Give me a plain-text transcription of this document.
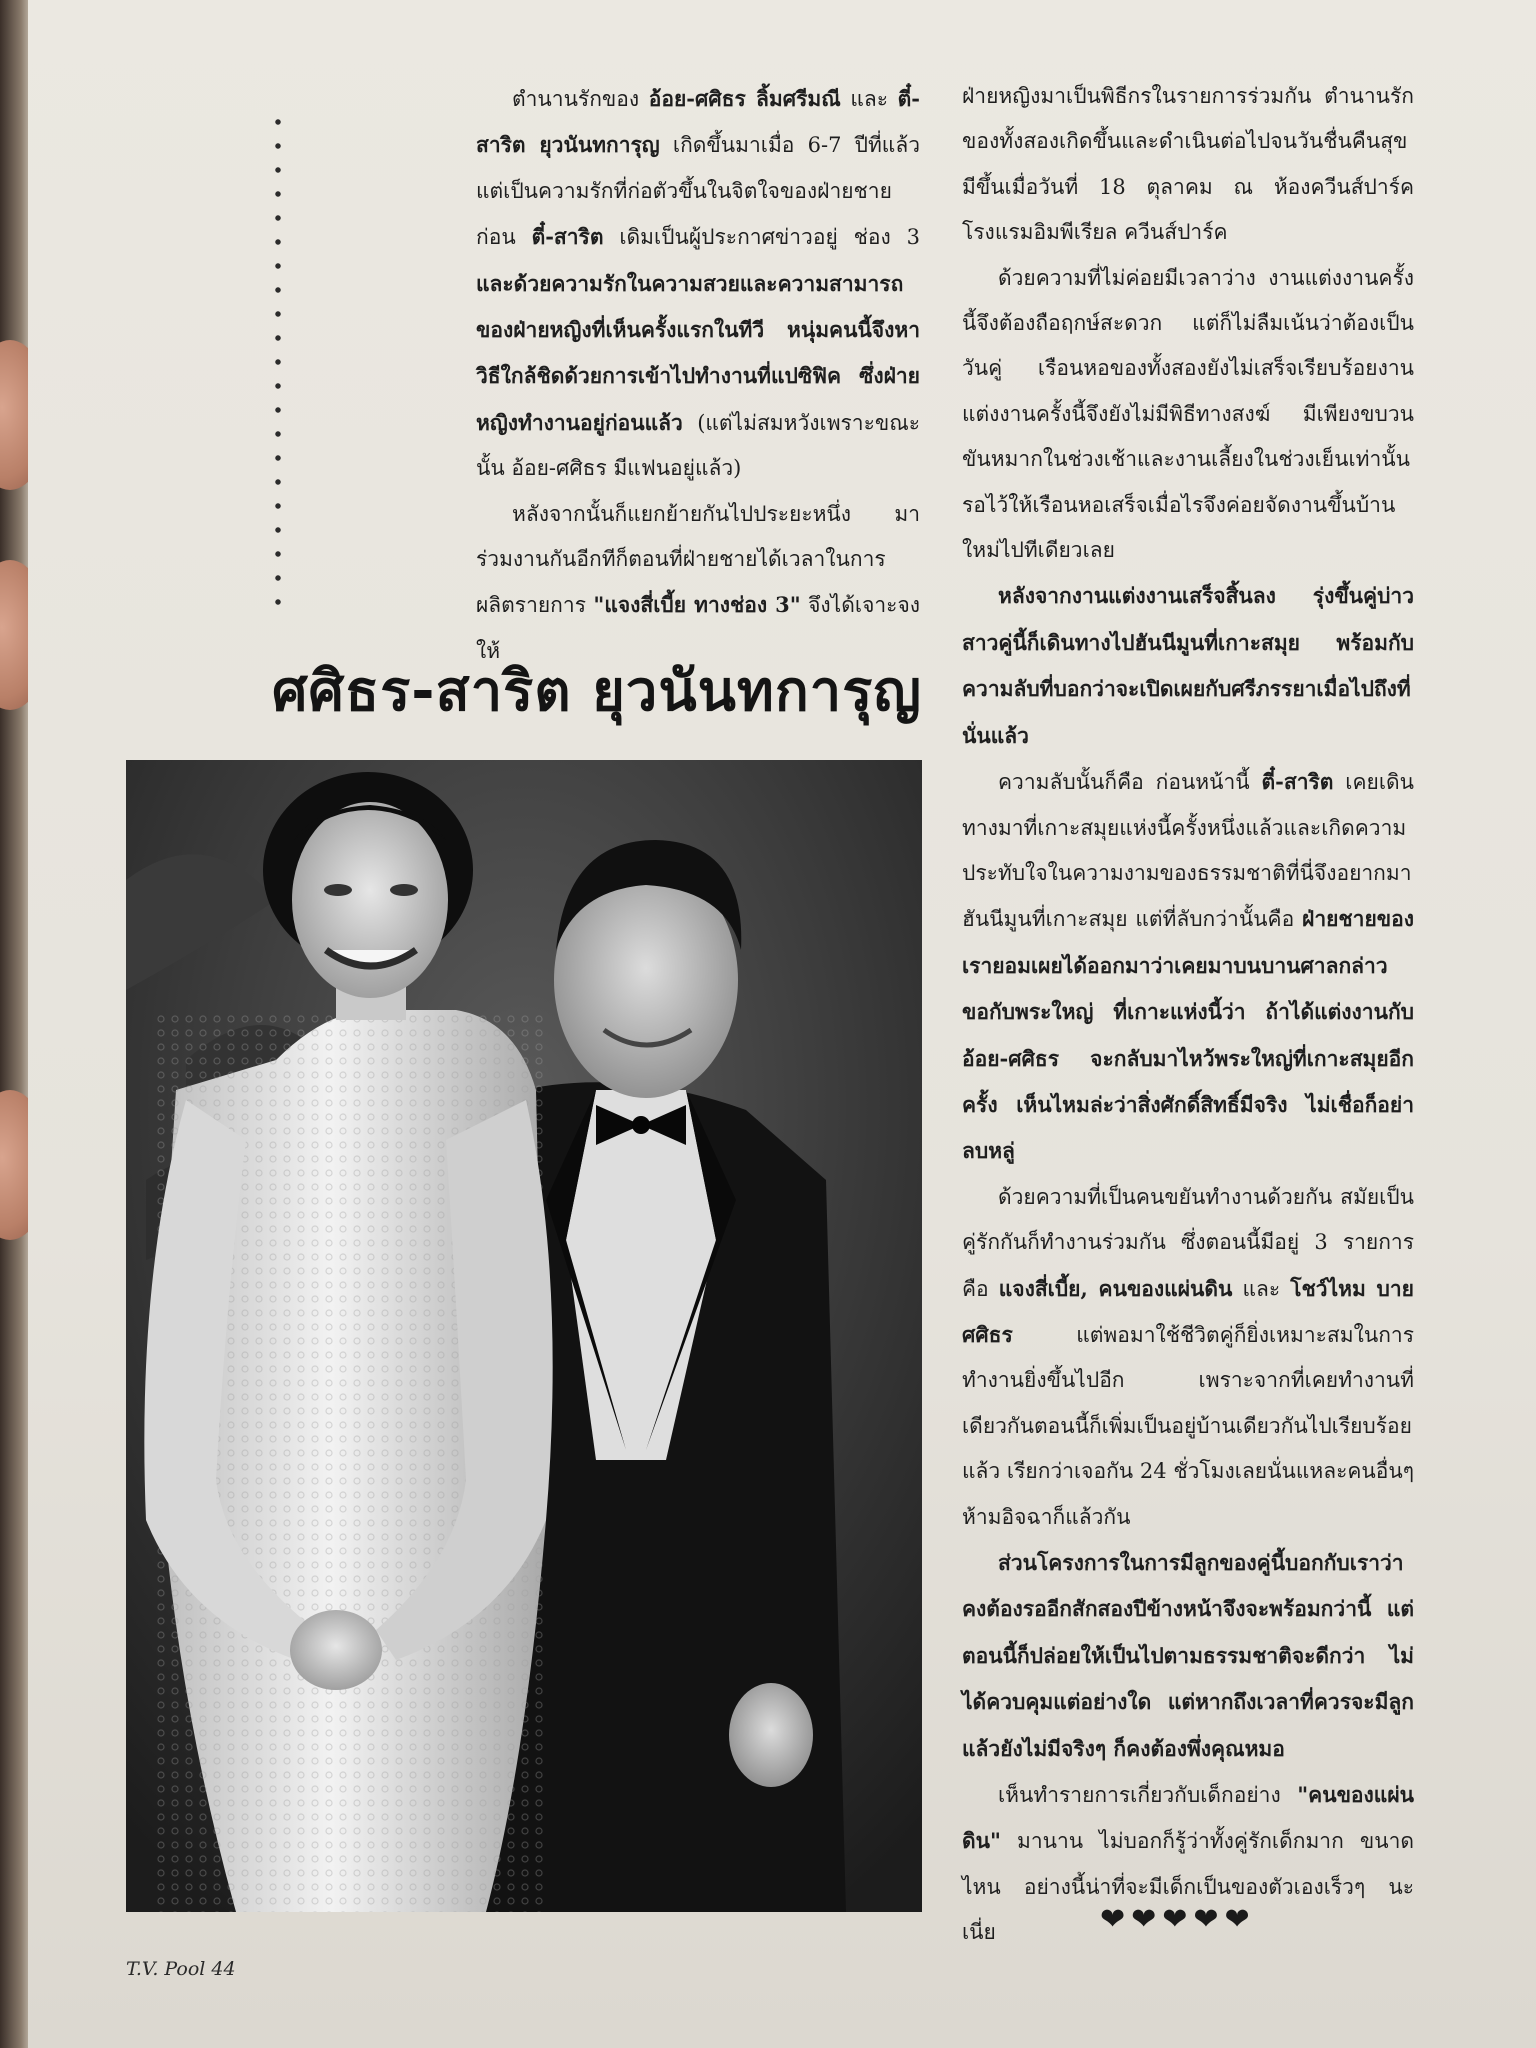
ตำนานรักของ อ้อย-ศศิธร ลิ้มศรีมณี และ ตี๋-สาริต ยุวนันทการุญ เกิดขึ้นมาเมื่อ 6-7 ปีที่แล้ว แต่เป็นความรักที่ก่อตัวขึ้นในจิตใจของฝ่ายชายก่อน ตี๋-สาริต เดิมเป็นผู้ประกาศข่าวอยู่ ช่อง 3 และด้วยความรักในความสวยและความสามารถของฝ่ายหญิงที่เห็นครั้งแรกในทีวี หนุ่มคนนี้จึงหาวิธีใกล้ชิดด้วยการเข้าไปทำงานที่แปซิฟิค ซึ่งฝ่ายหญิงทำงานอยู่ก่อนแล้ว (แต่ไม่สมหวังเพราะขณะนั้น อ้อย-ศศิธร มีแฟนอยู่แล้ว)

หลังจากนั้นก็แยกย้ายกันไปประยะหนึ่ง มาร่วมงานกันอีกทีก็ตอนที่ฝ่ายชายได้เวลาในการผลิตรายการ "แจงสี่เบี้ย ทางช่อง 3" จึงได้เจาะจงให้

ฝ่ายหญิงมาเป็นพิธีกรในรายการร่วมกัน ตำนานรักของทั้งสองเกิดขึ้นและดำเนินต่อไปจนวันชื่นคืนสุขมีขึ้นเมื่อวันที่ 18 ตุลาคม ณ ห้องควีนส์ปาร์ค โรงแรมอิมพีเรียล ควีนส์ปาร์ค

ด้วยความที่ไม่ค่อยมีเวลาว่าง งานแต่งงานครั้งนี้จึงต้องถือฤกษ์สะดวก แต่ก็ไม่ลืมเน้นว่าต้องเป็นวันคู่ เรือนหอของทั้งสองยังไม่เสร็จเรียบร้อยงานแต่งงานครั้งนี้จึงยังไม่มีพิธีทางสงฆ์ มีเพียงขบวนขันหมากในช่วงเช้าและงานเลี้ยงในช่วงเย็นเท่านั้น รอไว้ให้เรือนหอเสร็จเมื่อไรจึงค่อยจัดงานขึ้นบ้านใหม่ไปทีเดียวเลย

หลังจากงานแต่งงานเสร็จสิ้นลง รุ่งขึ้นคู่บ่าวสาวคู่นี้ก็เดินทางไปฮันนีมูนที่เกาะสมุย พร้อมกับความลับที่บอกว่าจะเปิดเผยกับศรีภรรยาเมื่อไปถึงที่นั่นแล้ว

ความลับนั้นก็คือ ก่อนหน้านี้ ตี๋-สาริต เคยเดินทางมาที่เกาะสมุยแห่งนี้ครั้งหนึ่งแล้วและเกิดความประทับใจในความงามของธรรมชาติที่นี่จึงอยากมาฮันนีมูนที่เกาะสมุย แต่ที่ลับกว่านั้นคือ ฝ่ายชายของเรายอมเผยได้ออกมาว่าเคยมาบนบานศาลกล่าวขอกับพระใหญ่ ที่เกาะแห่งนี้ว่า ถ้าได้แต่งงานกับ อ้อย-ศศิธร จะกลับมาไหว้พระใหญ่ที่เกาะสมุยอีกครั้ง เห็นไหมล่ะว่าสิ่งศักดิ์สิทธิ์มีจริง ไม่เชื่อก็อย่าลบหลู่

ด้วยความที่เป็นคนขยันทำงานด้วยกัน สมัยเป็นคู่รักกันก็ทำงานร่วมกัน ซึ่งตอนนี้มีอยู่ 3 รายการคือ แจงสี่เบี้ย, คนของแผ่นดิน และ โชว์ไหม บายศศิธร แต่พอมาใช้ชีวิตคู่ก็ยิ่งเหมาะสมในการทำงานยิ่งขึ้นไปอีก เพราะจากที่เคยทำงานที่เดียวกันตอนนี้ก็เพิ่มเป็นอยู่บ้านเดียวกันไปเรียบร้อยแล้ว เรียกว่าเจอกัน 24 ชั่วโมงเลยนั่นแหละคนอื่นๆ ห้ามอิจฉาก็แล้วกัน

ส่วนโครงการในการมีลูกของคู่นี้บอกกับเราว่าคงต้องรออีกสักสองปีข้างหน้าจึงจะพร้อมกว่านี้ แต่ตอนนี้ก็ปล่อยให้เป็นไปตามธรรมชาติจะดีกว่า ไม่ได้ควบคุมแต่อย่างใด แต่หากถึงเวลาที่ควรจะมีลูกแล้วยังไม่มีจริงๆ ก็คงต้องพึ่งคุณหมอ

เห็นทำรายการเกี่ยวกับเด็กอย่าง "คนของแผ่นดิน" มานาน ไม่บอกก็รู้ว่าทั้งคู่รักเด็กมาก ขนาดไหน อย่างนี้น่าที่จะมีเด็กเป็นของตัวเองเร็วๆ นะเนี่ย

ศศิธร-สาริต ยุวนันทการุญ
❤❤❤❤❤
T.V. Pool 44
